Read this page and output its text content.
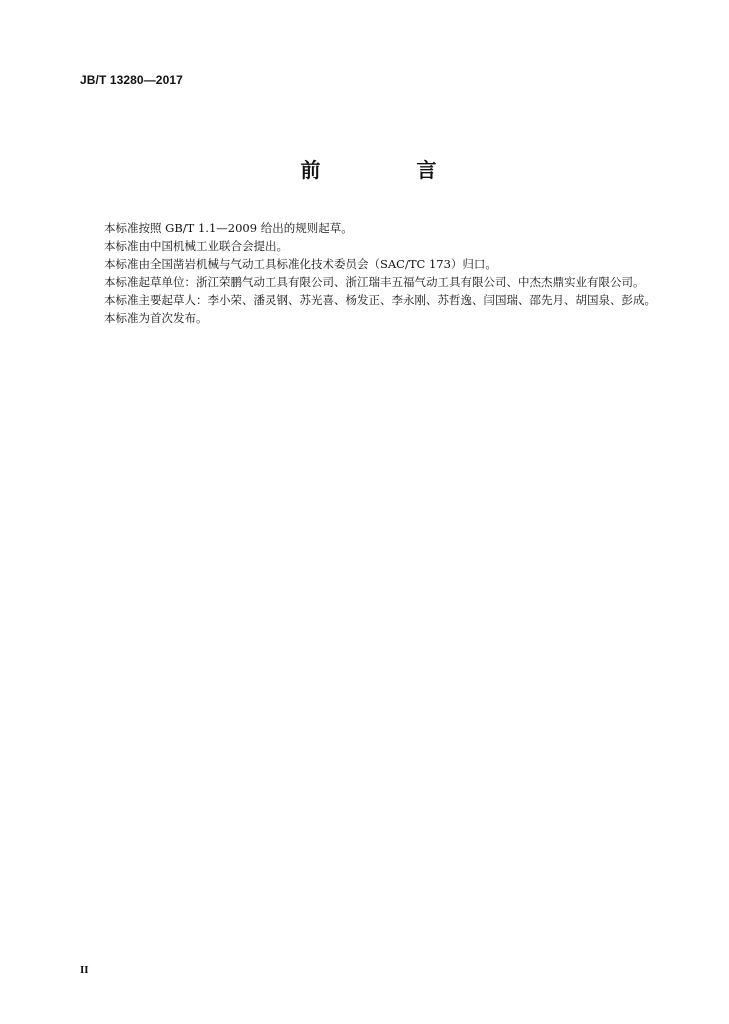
JB/T 13280—2017
前　言

本标准按照 GB/T 1.1—2009 给出的规则起草。

本标准由中国机械工业联合会提出。

本标准由全国凿岩机械与气动工具标准化技术委员会（SAC/TC 173）归口。

本标准起草单位：浙江荣鹏气动工具有限公司、浙江瑞丰五福气动工具有限公司、中杰杰鼎实业有限公司。

本标准主要起草人：李小荣、潘灵钢、苏光喜、杨发正、李永刚、苏哲逸、闫国瑞、邵先月、胡国泉、彭成。

本标准为首次发布。

II
